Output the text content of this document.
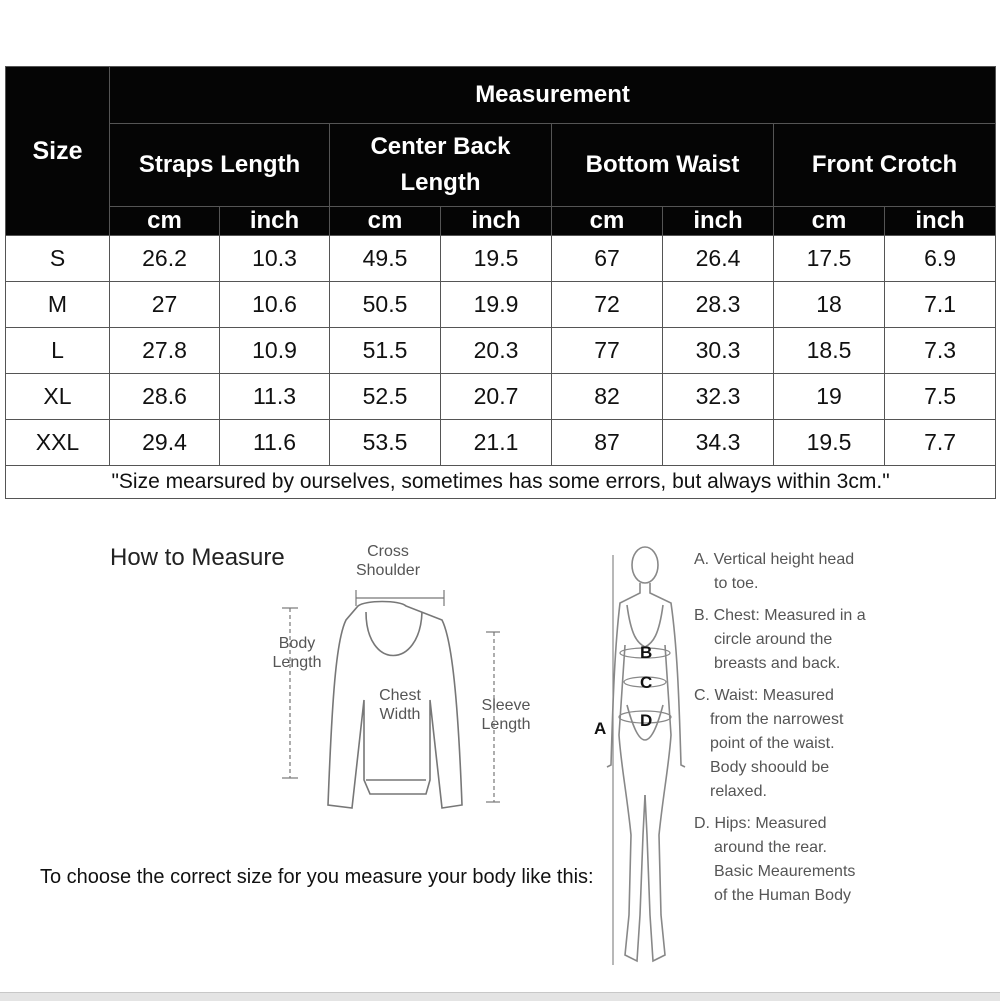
Size	Measurement							
	Straps Length		Center Back Length		Bottom Waist		Front Crotch	
	cm	inch	cm	inch	cm	inch	cm	inch
S	26.2	10.3	49.5	19.5	67	26.4	17.5	6.9
M	27	10.6	50.5	19.9	72	28.3	18	7.1
L	27.8	10.9	51.5	20.3	77	30.3	18.5	7.3
XL	28.6	11.3	52.5	20.7	82	32.3	19	7.5
XXL	29.4	11.6	53.5	21.1	87	34.3	19.5	7.7
"Size mearsured by ourselves, sometimes has some errors, but always within 3cm."								
How to Measure	Cross Shoulder
Body Length
Chest Width
Sleeve Length
To choose the correct size for you measure your body like this:
A
B
C
D
A. Vertical height head
to toe.
B. Chest: Measured in a
circle around the
breasts and back.
C. Waist: Measured
from the narrowest
point of the waist.
Body shoould be
relaxed.
D. Hips: Measured
around the rear.
Basic Meaurements
of the Human Body
